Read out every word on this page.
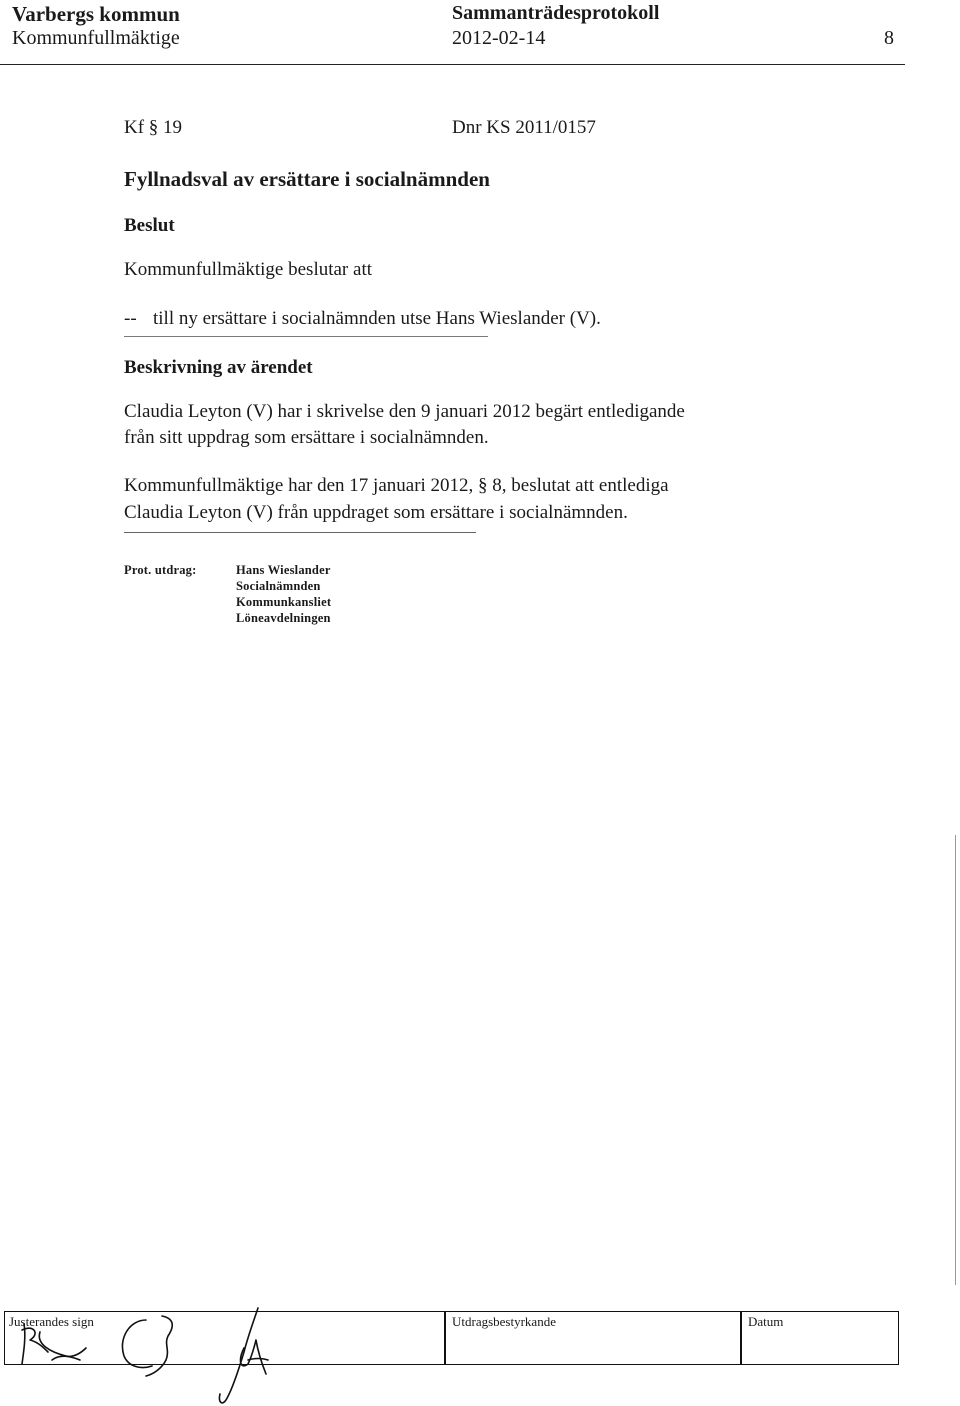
Varbergs kommun
Kommunfullmäktige
Sammanträdesprotokoll
2012-02-14	8
Kf § 19	Dnr KS 2011/0157
Fyllnadsval av ersättare i socialnämnden
Beslut
Kommunfullmäktige beslutar att
-- till ny ersättare i socialnämnden utse Hans Wieslander (V).
Beskrivning av ärendet
Claudia Leyton (V) har i skrivelse den 9 januari 2012 begärt entledigande
från sitt uppdrag som ersättare i socialnämnden.
Kommunfullmäktige har den 17 januari 2012, § 8, beslutat att entlediga
Claudia Leyton (V) från uppdraget som ersättare i socialnämnden.
Prot. utdrag:	Hans Wieslander
Socialnämnden
Kommunkansliet
Löneavdelningen
Justerandes sign	Utdragsbestyrkande	Datum
